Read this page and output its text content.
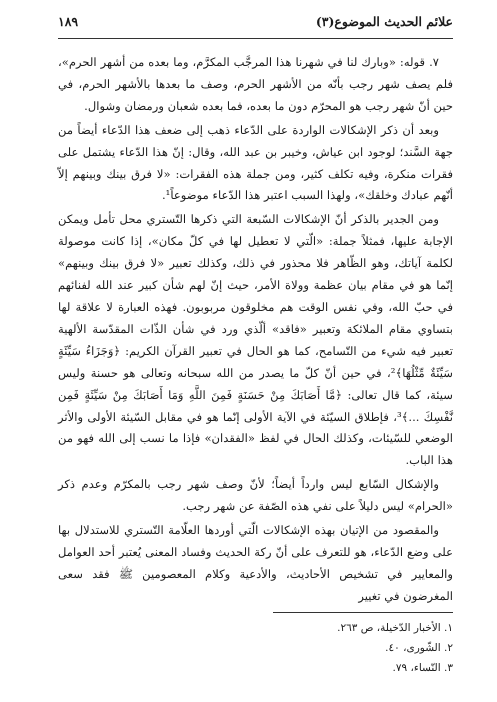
علائم الحديث الموضوع(٣)
١٨٩

٧. قوله: «وبارك لنا في شهرنا هذا المرجَّب المكرَّم، وما بعده من أشهر الحرم»، فلم يصف شهر رجب بأنّه من الأشهر الحرم، وصف ما بعدها بالأشهر الحرم، في حين أنّ شهر رجب هو المحرّم دون ما بعده، فما بعده شعبان ورمضان وشوال.

وبعد أن ذكر الإشكالات الواردة على الدّعاء ذهب إلى ضعف هذا الدّعاء أيضاً من جهة السَّند؛ لوجود ابن عياش، وخيبر بن عبد الله، وقال: إنّ هذا الدّعاء يشتمل على فقرات منكرة، وفيه تكلف كثير، ومن جملة هذه الفقرات: «لا فرق بينك وبينهم إلاّ أنّهم عبادك وخلقك»، ولهذا السبب اعتبر هذا الدّعاء موضوعاً¹.

ومن الجدير بالذكر أنّ الإشكالات السّبعة التي ذكرها التّستري محل تأمل ويمكن الإجابة عليها، فمثلاً جملة: «الّتي لا تعطيل لها في كلّ مكان»، إذا كانت موصولة لكلمة آياتك، وهو الظّاهر فلا محذور في ذلك، وكذلك تعبير «لا فرق بينك وبينهم» إنّما هو في مقام بيان عظمة وولاة الأمر، حيث إنّ لهم شأن كبير عند الله لفنائهم في حبّ الله، وفي نفس الوقت هم مخلوقون مربوبون. فهذه العبارة لا علاقة لها بتساوي مقام الملائكة وتعبير «فاقد» ألّذي ورد في شأن الذّات المقدّسة الألهية تعبير فيه شيء من التّسامح، كما هو الحال في تعبير القرآن الكريم: ﴿وَجَزَاءُ سَيِّئَةٍ سَيِّئَةٌ مِّثْلُهَا﴾²، في حين أنّ كلّ ما يصدر من الله سبحانه وتعالى هو حسنة وليس سيئة، كما قال تعالى: ﴿مَّا أَصَابَكَ مِنْ حَسَنَةٍ فَمِنَ اللَّهِ وَمَا أَصَابَكَ مِنْ سَيِّئَةٍ فَمِن نَّفْسِكَ ...﴾³، فإطلاق السيّئة في الآية الأولى إنّما هو في مقابل السّيئة الأولى والأثر الوضعي للسّيئات، وكذلك الحال في لفظ «الفقدان» فإذا ما نسب إلى الله فهو من هذا الباب.

والإشكال السّابع ليس وارداً أيضاً؛ لأنّ وصف شهر رجب بالمكرّم وعدم ذكر «الحرام» ليس دليلاً على نفي هذه الصّفة عن شهر رجب.

والمقصود من الإتيان بهذه الإشكالات الّتي أوردها العلّامة التّستري للاستدلال بها على وضع الدّعاء، هو للتعرف على أنّ ركة الحديث وفساد المعنى يُعتبر أحد العوامل والمعايير في تشخيص الأحاديث، والأدعية وكلام المعصومين ﷺ فقد سعى المغرضون في تغيير

١. الأخبار الدّخيلة، ص ٢٦٣.
٢. الشّورى، ٤٠.
٣. النّساء، ٧٩.
